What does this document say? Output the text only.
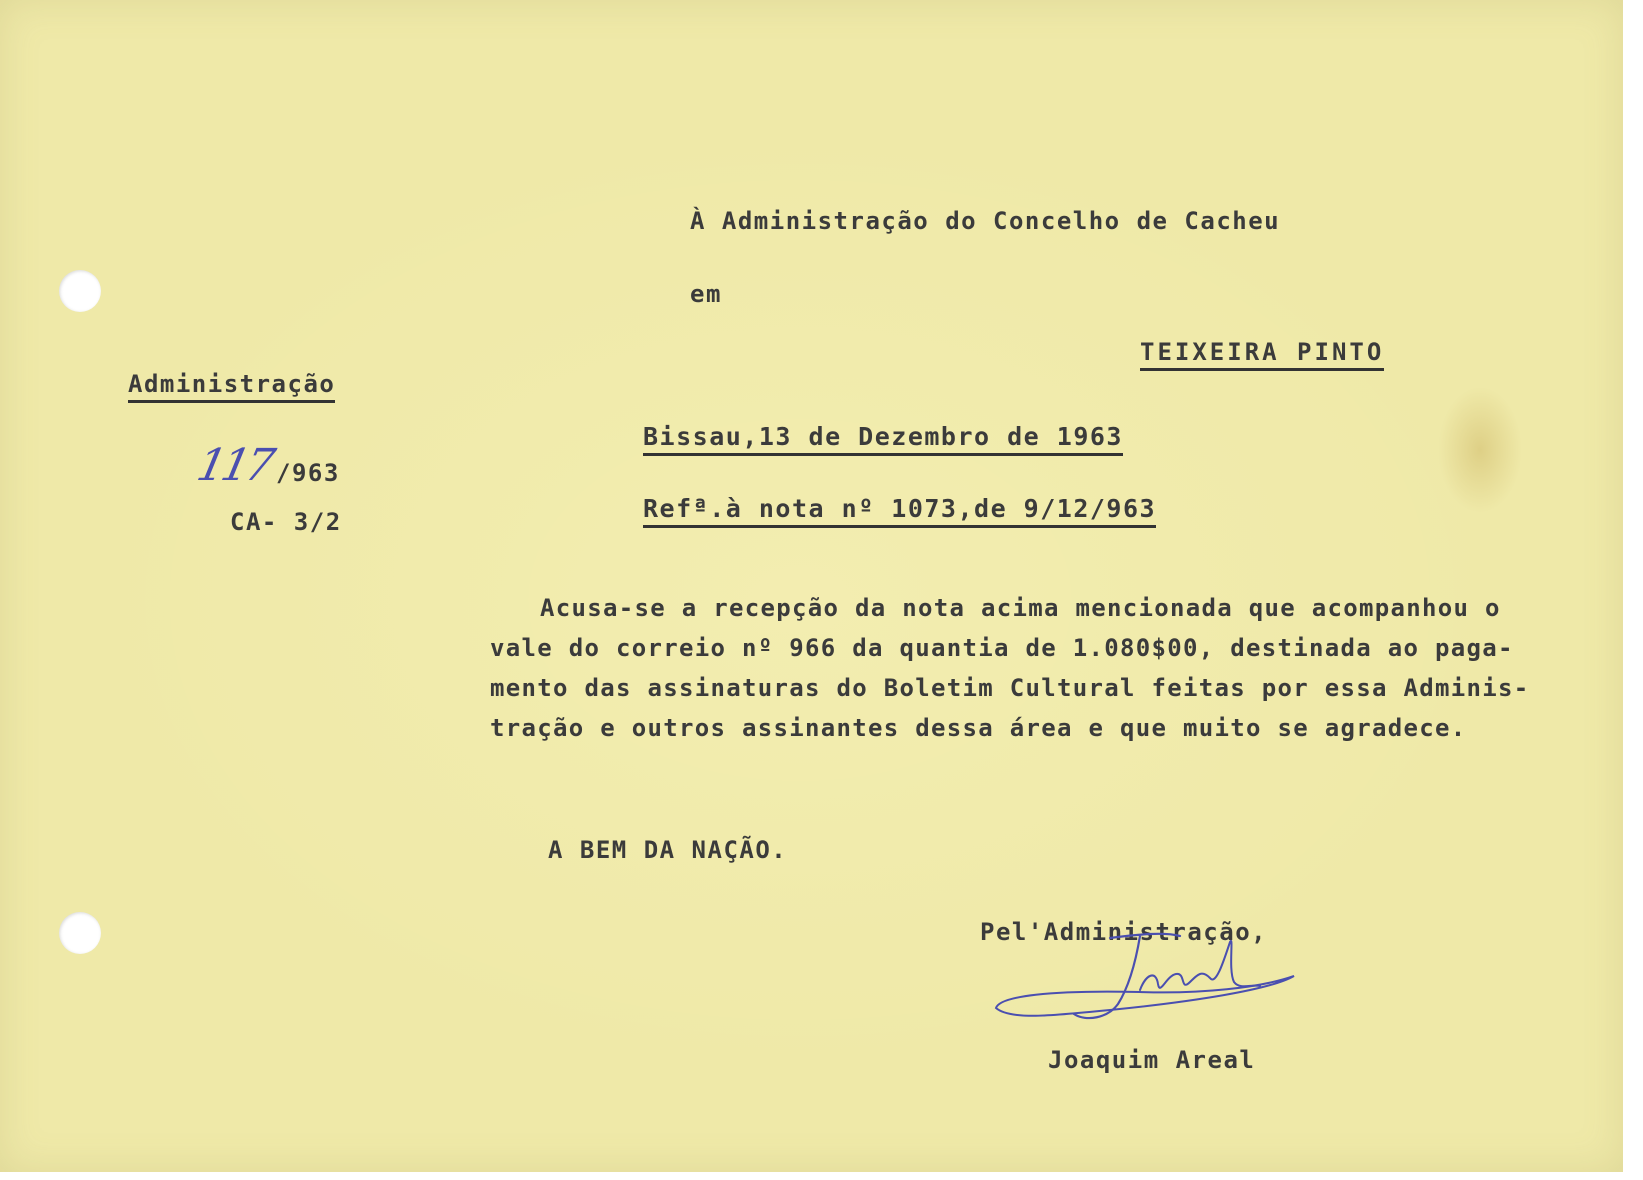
À Administração do Concelho de Cacheu
em
TEIXEIRA PINTO
Administração
117 /963
CA- 3/2
Bissau,13 de Dezembro de 1963
Refª.à nota nº 1073,de 9/12/963

Acusa-se a recepção da nota acima mencionada que acompanhou o

vale do correio nº 966 da quantia de 1.080$00, destinada ao paga-

mento das assinaturas do Boletim Cultural feitas por essa Adminis-

tração e outros assinantes dessa área e que muito se agradece.

A BEM DA NAÇÃO.
Pel'Administração,
Joaquim Areal
